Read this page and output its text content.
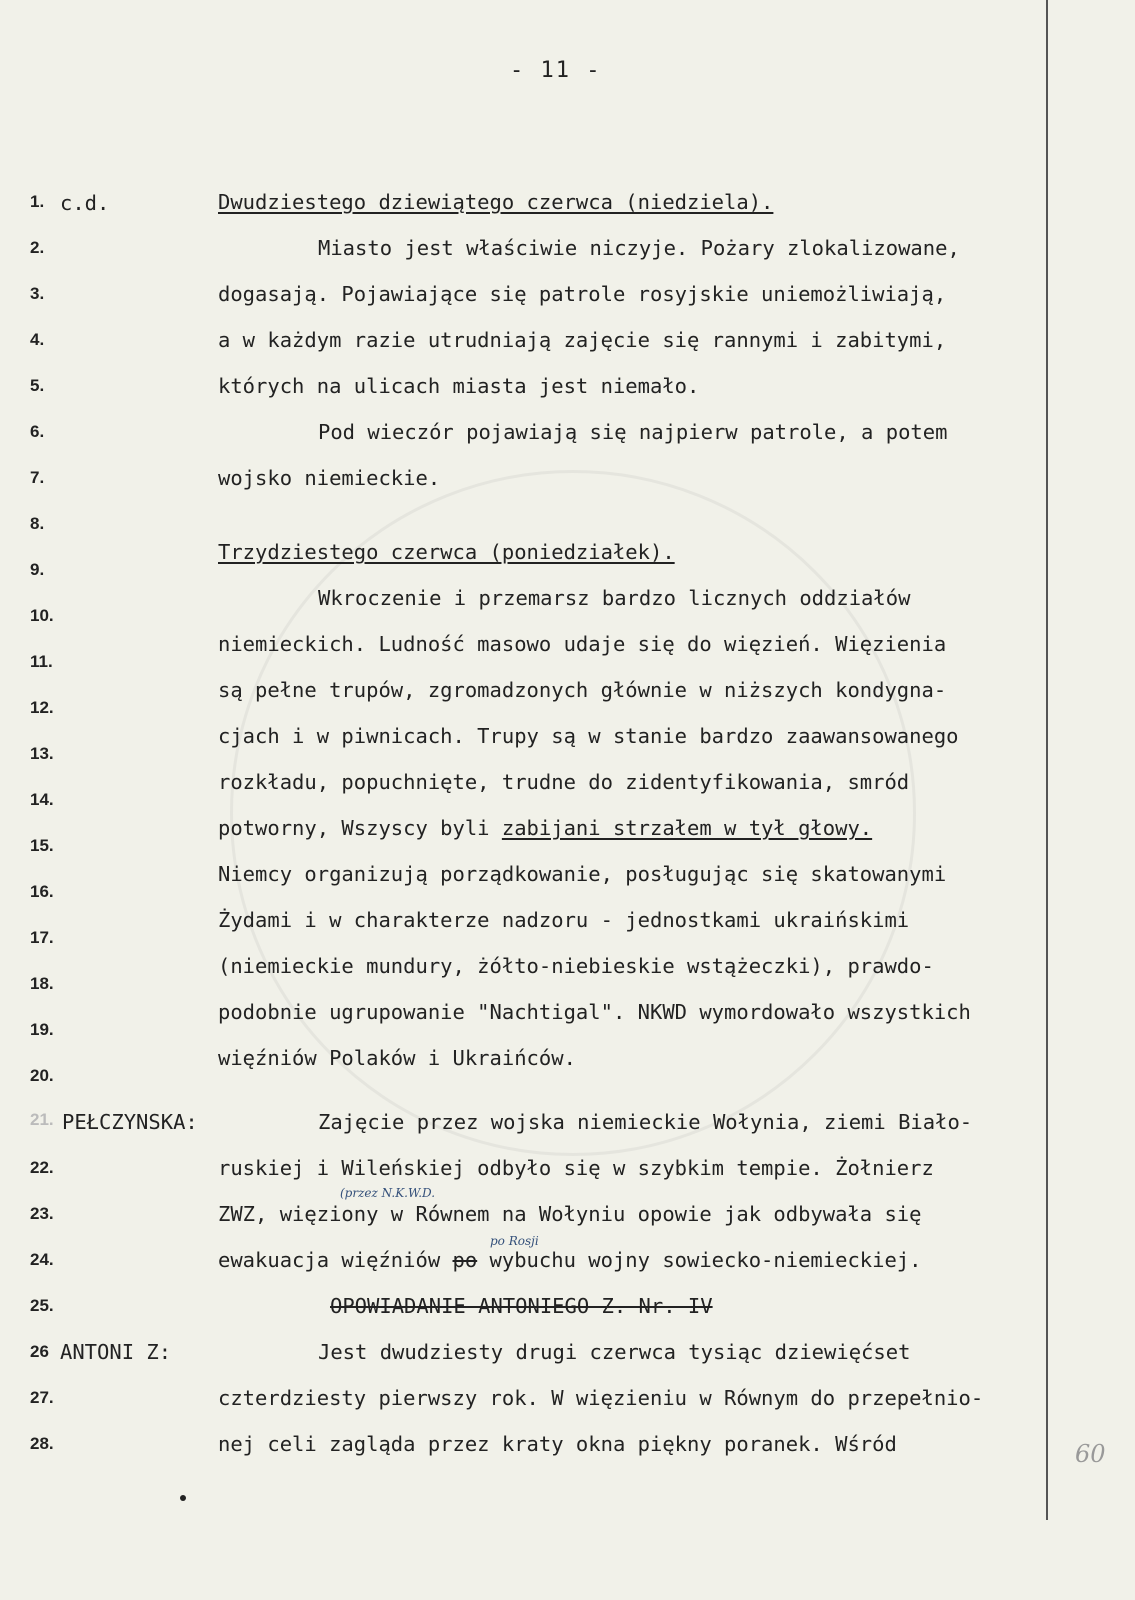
- 11 -
1.
2.
3.
4.
5.
6.
7.
8.
9.
10.
11.
12.
13.
14.
15.
16.
17.
18.
19.
20.
21.
22.
23.
24.
25.
26
27.
28.
c.d.
PEŁCZYNSKA:
ANTONI Z:
Dwudziestego dziewiątego czerwca (niedziela).
Miasto jest właściwie niczyje. Pożary zlokalizowane,
dogasają. Pojawiające się patrole rosyjskie uniemożliwiają,
a w każdym razie utrudniają zajęcie się rannymi i zabitymi,
których na ulicach miasta jest niemało.
Pod wieczór pojawiają się najpierw patrole, a potem
wojsko niemieckie.
Trzydziestego czerwca (poniedziałek).
Wkroczenie i przemarsz bardzo licznych oddziałów
niemieckich. Ludność masowo udaje się do więzień. Więzienia
są pełne trupów, zgromadzonych głównie w niższych kondygna-
cjach i w piwnicach. Trupy są w stanie bardzo zaawansowanego
rozkładu, popuchnięte, trudne do zidentyfikowania, smród
potworny, Wszyscy byli zabijani strzałem w tył głowy.
Niemcy organizują porządkowanie, posługując się skatowanymi
Żydami i w charakterze nadzoru - jednostkami ukraińskimi
(niemieckie mundury, żółto-niebieskie wstążeczki), prawdo-
podobnie ugrupowanie "Nachtigal". NKWD wymordowało wszystkich
więźniów Polaków i Ukraińców.
Zajęcie przez wojska niemieckie Wołynia, ziemi Biało-
ruskiej i Wileńskiej odbyło się w szybkim tempie. Żołnierz
(przez N.K.W.D.
ZWZ, więziony w Równem na Wołyniu opowie jak odbywała się
po Rosji
ewakuacja więźniów po wybuchu wojny sowiecko-niemieckiej.
OPOWIADANIE ANTONIEGO Z. Nr. IV
Jest dwudziesty drugi czerwca tysiąc dziewięćset
czterdziesty pierwszy rok. W więzieniu w Równym do przepełnio-
nej celi zagląda przez kraty okna piękny poranek. Wśród	60
